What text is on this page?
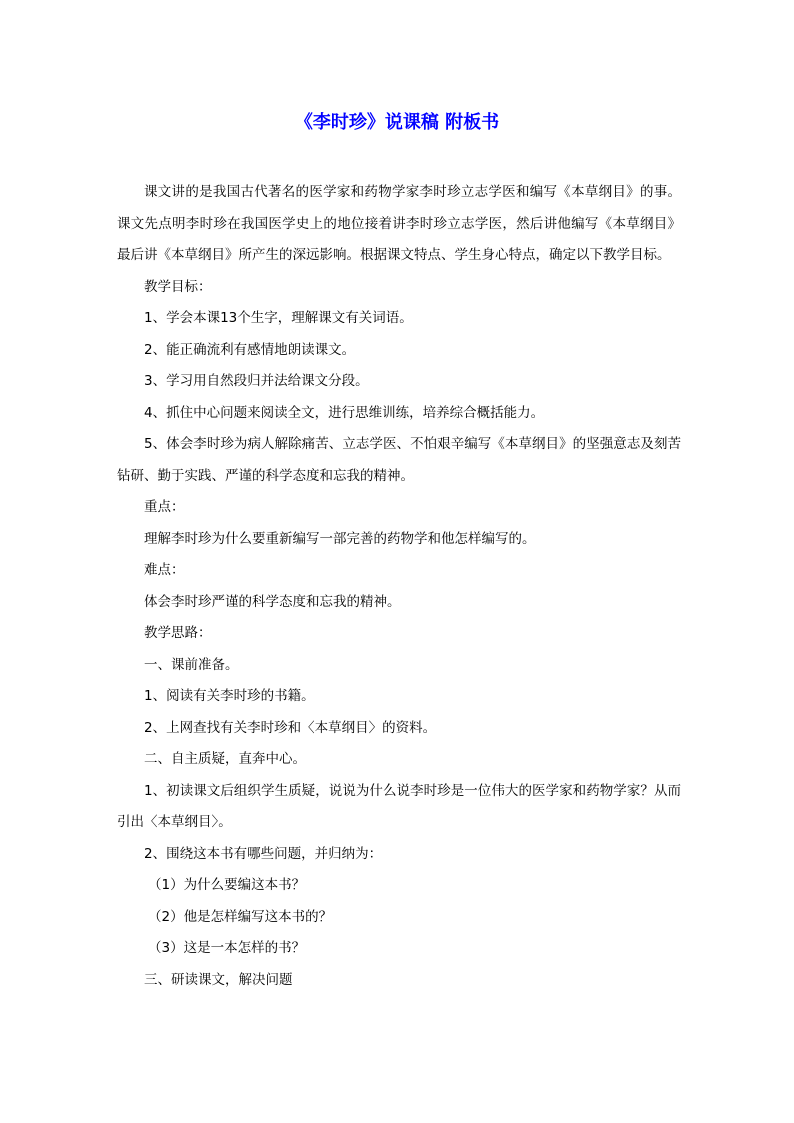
《李时珍》说课稿 附板书

课文讲的是我国古代著名的医学家和药物学家李时珍立志学医和编写《本草纲目》的事。课文先点明李时珍在我国医学史上的地位接着讲李时珍立志学医，然后讲他编写《本草纲目》最后讲《本草纲目》所产生的深远影响。根据课文特点、学生身心特点，确定以下教学目标。

教学目标：

1、学会本课13个生字，理解课文有关词语。

2、能正确流利有感情地朗读课文。

3、学习用自然段归并法给课文分段。

4、抓住中心问题来阅读全文，进行思维训练，培养综合概括能力。

5、体会李时珍为病人解除痛苦、立志学医、不怕艰辛编写《本草纲目》的坚强意志及刻苦钻研、勤于实践、严谨的科学态度和忘我的精神。

重点：

理解李时珍为什么要重新编写一部完善的药物学和他怎样编写的。

难点：

体会李时珍严谨的科学态度和忘我的精神。

教学思路：

一、课前准备。

1、阅读有关李时珍的书籍。

2、上网查找有关李时珍和〈本草纲目〉的资料。

二、自主质疑，直奔中心。

1、初读课文后组织学生质疑，说说为什么说李时珍是一位伟大的医学家和药物学家？从而引出〈本草纲目〉。

2、围绕这本书有哪些问题，并归纳为：

（1）为什么要编这本书？

（2）他是怎样编写这本书的？

（3）这是一本怎样的书？

三、研读课文，解决问题
